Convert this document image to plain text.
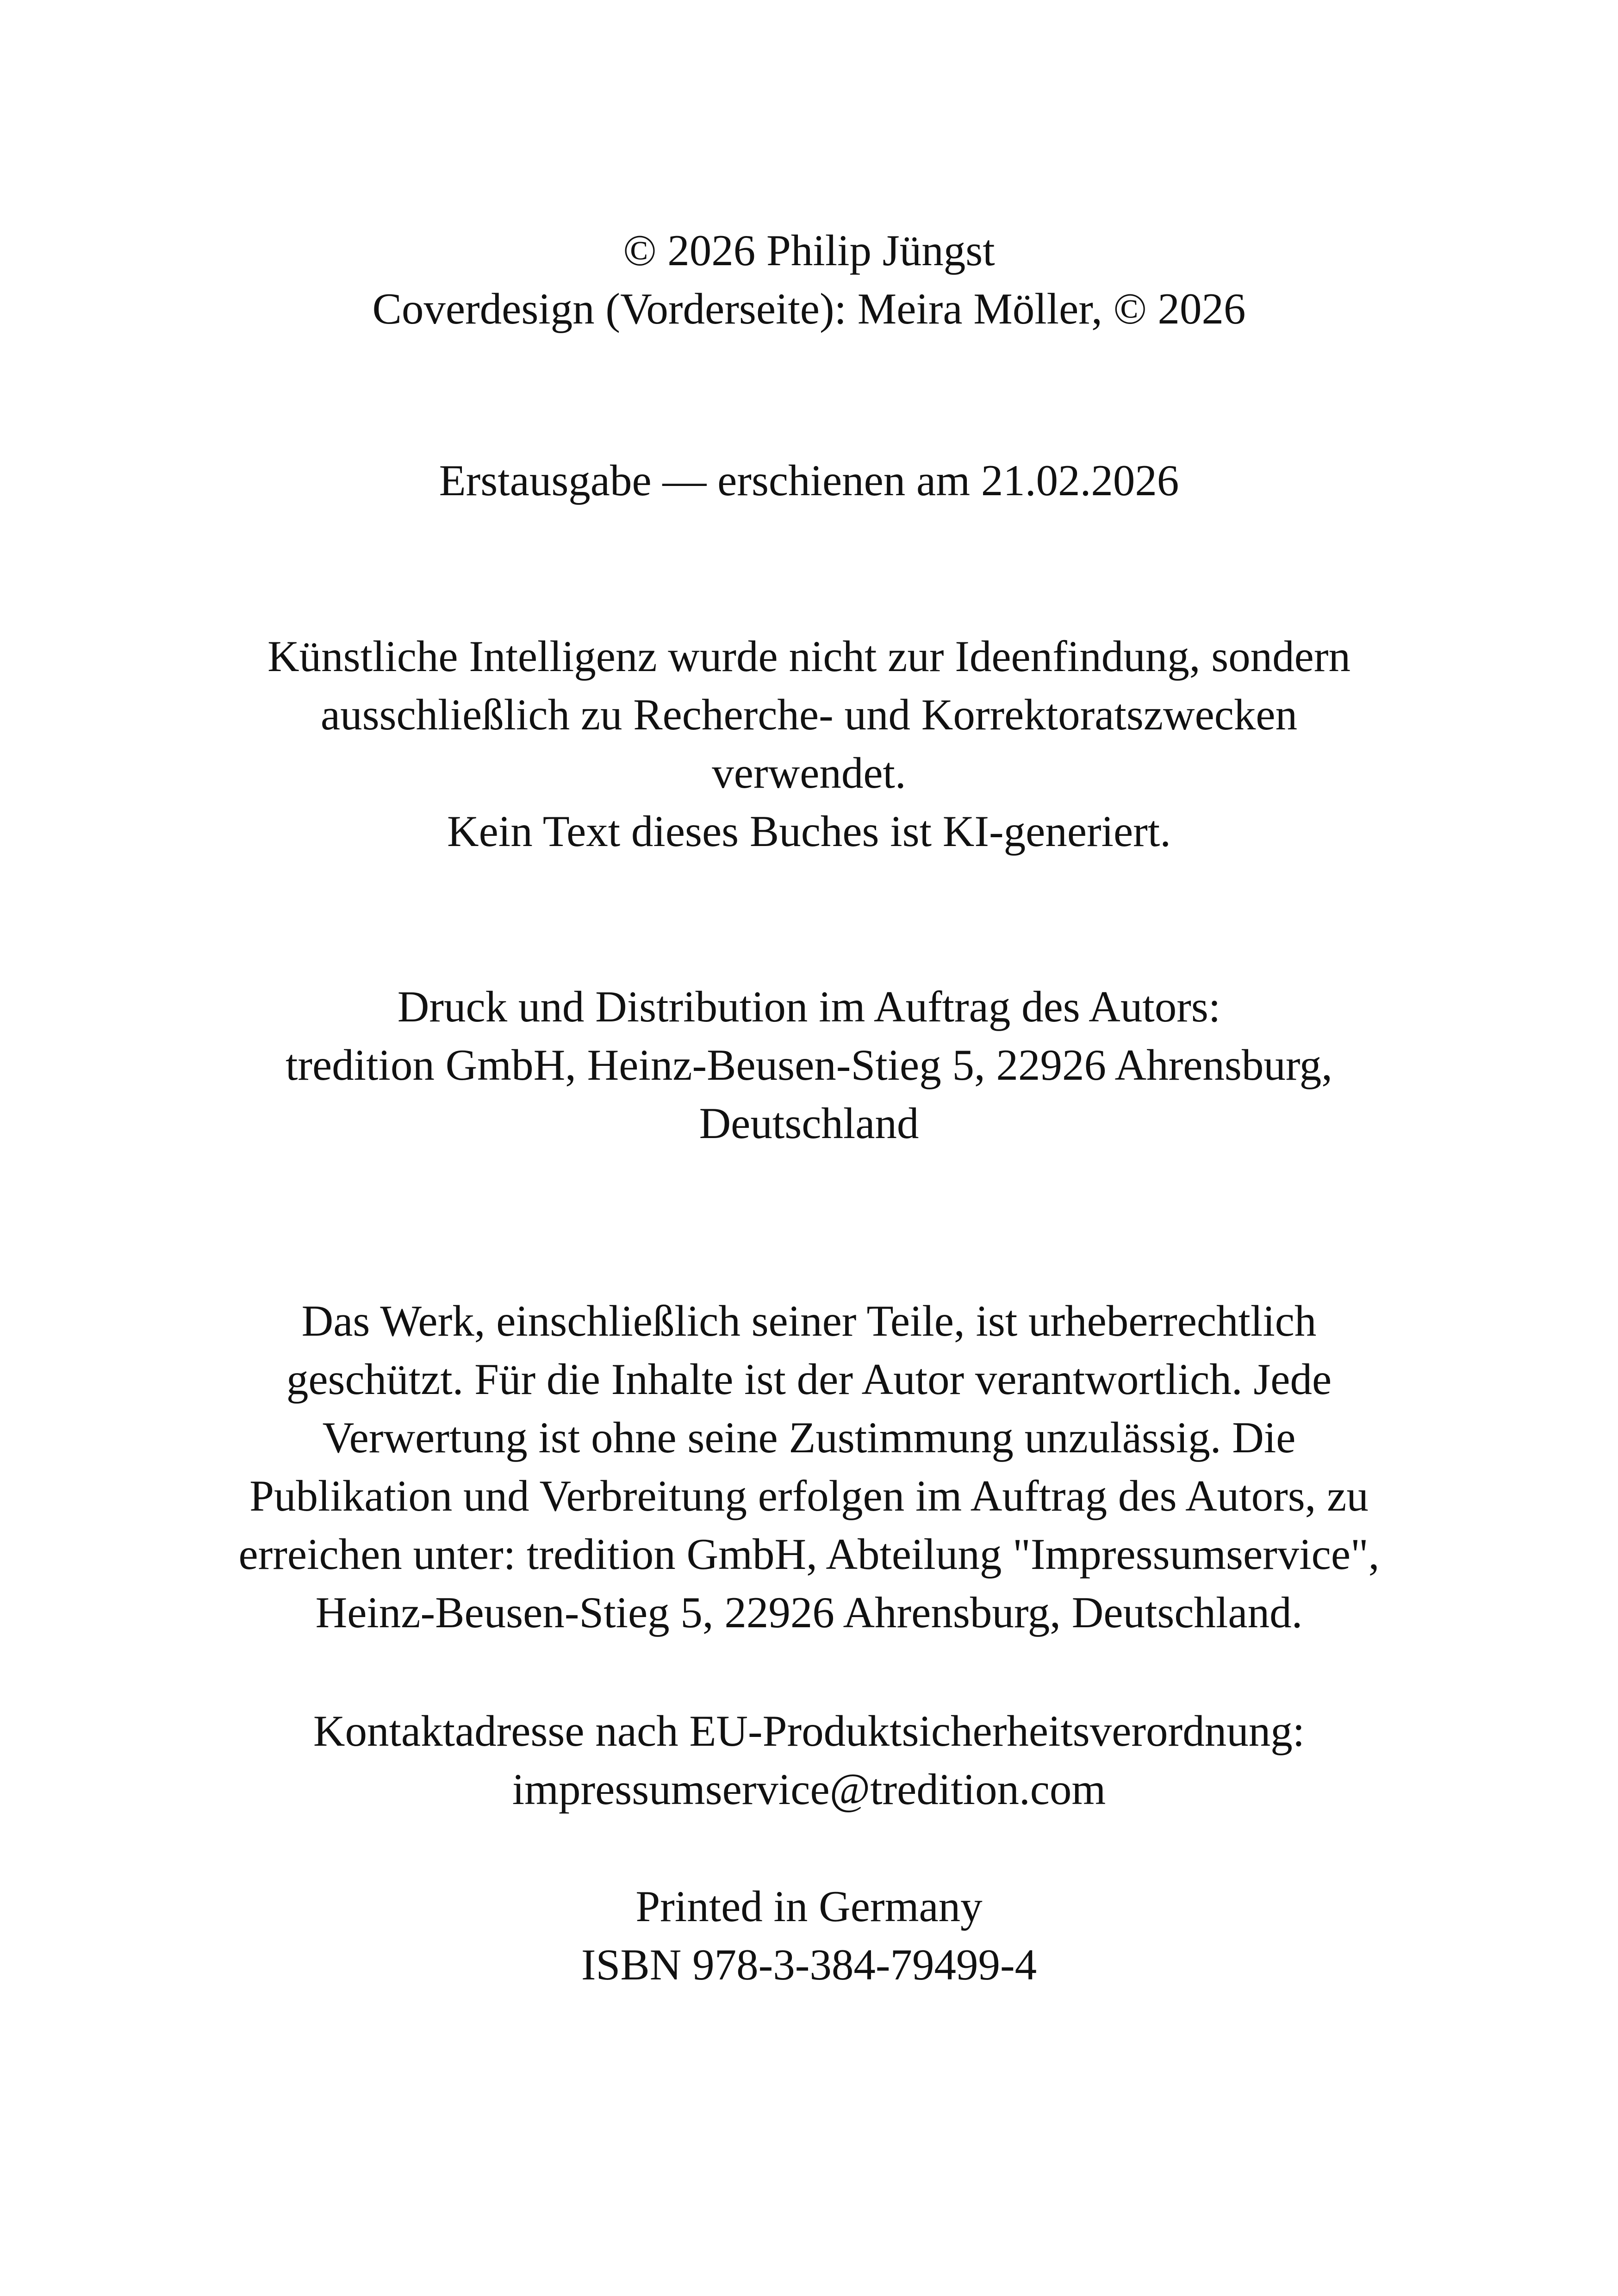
© 2026 Philip Jüngst
Coverdesign (Vorderseite): Meira Möller, © 2026
Erstausgabe — erschienen am 21.02.2026
Künstliche Intelligenz wurde nicht zur Ideenfindung, sondern
ausschließlich zu Recherche- und Korrektoratszwecken
verwendet.
Kein Text dieses Buches ist KI-generiert.
Druck und Distribution im Auftrag des Autors:
tredition GmbH, Heinz-Beusen-Stieg 5, 22926 Ahrensburg,
Deutschland
Das Werk, einschließlich seiner Teile, ist urheberrechtlich
geschützt. Für die Inhalte ist der Autor verantwortlich. Jede
Verwertung ist ohne seine Zustimmung unzulässig. Die
Publikation und Verbreitung erfolgen im Auftrag des Autors, zu
erreichen unter: tredition GmbH, Abteilung "Impressumservice",
Heinz-Beusen-Stieg 5, 22926 Ahrensburg, Deutschland.
Kontaktadresse nach EU-Produktsicherheitsverordnung:
impressumservice@tredition.com
Printed in Germany
ISBN 978-3-384-79499-4
